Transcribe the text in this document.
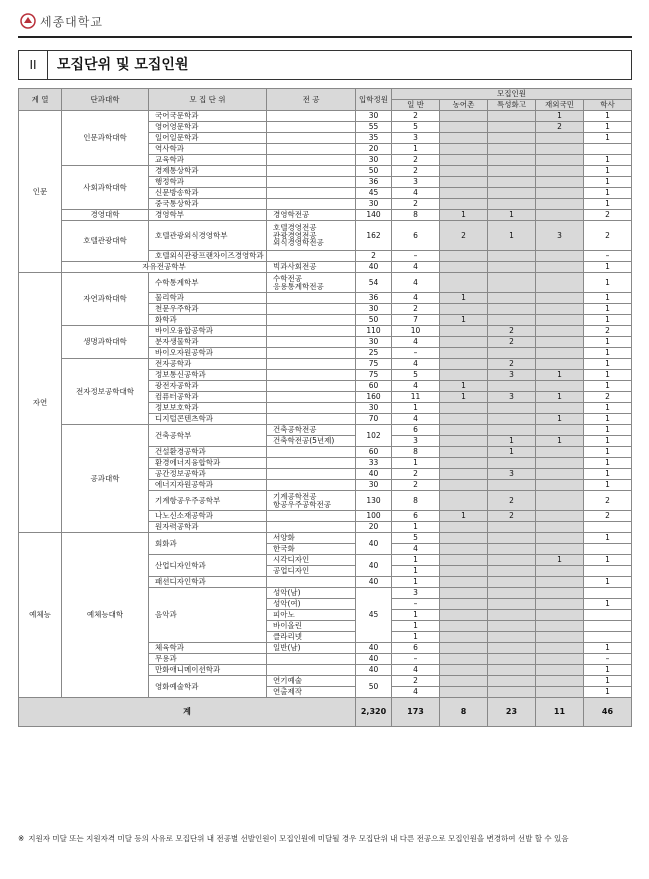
세종대학교
II	모집단위 및 모집인원
계 열	단과대학	모 집 단 위	전 공	입학정원	모집인원				
					일 반	농어촌	특성화고	재외국민	학사
인문	인문과학대학	국어국문학과		30	2			1	1
		영어영문학과		55	5			2	1
		일어일문학과		35	3				1
		역사학과		20	1				
		교육학과		30	2				1
	사회과학대학	경제통상학과		50	2				1
		행정학과		36	3				1
		신문방송학과		45	4				1
		중국통상학과		30	2				1
	경영대학	경영학부	경영학전공	140	8	1	1		2
	호텔관광대학	호텔관광외식경영학부	호텔경영전공
관광경영전공
외식경영학전공	162	6	2	1	3	2
		호텔외식관광프랜차이즈경영학과		2	–				–
	자유전공학부		빅과사회전공	40	4				1
자연	자연과학대학	수학통계학부	수학전공
응용통계학전공	54	4				1
		물리학과		36	4	1			1
		천문우주학과		30	2				1
		화학과		50	7	1			1
	생명과학대학	바이오융합공학과		110	10		2		2
		분자생물학과		30	4		2		1
		바이오자원공학과		25	–				1
	전자정보공학대학	전자공학과		75	4		2		1
		정보통신공학과		75	5		3	1	1
		광전자공학과		60	4	1			1
		컴퓨터공학과		160	11	1	3	1	2
		정보보호학과		30	1				1
		디지털콘텐츠학과		70	4			1	1
	공과대학	건축공학부	건축공학전공	102	6				1
			건축학전공(5년제)		3		1	1	1
		건설환경공학과		60	8		1		1
		환경에너지융합학과		33	1				1
		공간정보공학과		40	2		3		1
		에너지자원공학과		30	2				1
		기계항공우주공학부	기계공학전공
항공우주공학전공	130	8		2		2
		나노신소재공학과		100	6	1	2		2
		원자력공학과		20	1				
예체능	예체능대학	회화과	서양화	40	5				1
			한국화		4				
		산업디자인학과	시각디자인	40	1			1	1
			공업디자인		1				
		패션디자인학과		40	1				1
		음악과	성악(남)	45	3				
			성악(여)		–				1
			피아노		1				
			바이올린		1				
			클라리넷		1				
		체육학과	일반(남)	40	6				1
		무용과		40	–				–
		만화애니메이션학과		40	4				1
		영화예술학과	연기예술	50	2				1
			연출제작		4				1
계				2,320	173	8	23	11	46
※ 지원자 미달 또는 지원자격 미달 등의 사유로 모집단위 내 전공별 선발인원이 모집인원에 미달될 경우 모집단위 내 다른 전공으로 모집인원을 변경하여 선발 할 수 있음
